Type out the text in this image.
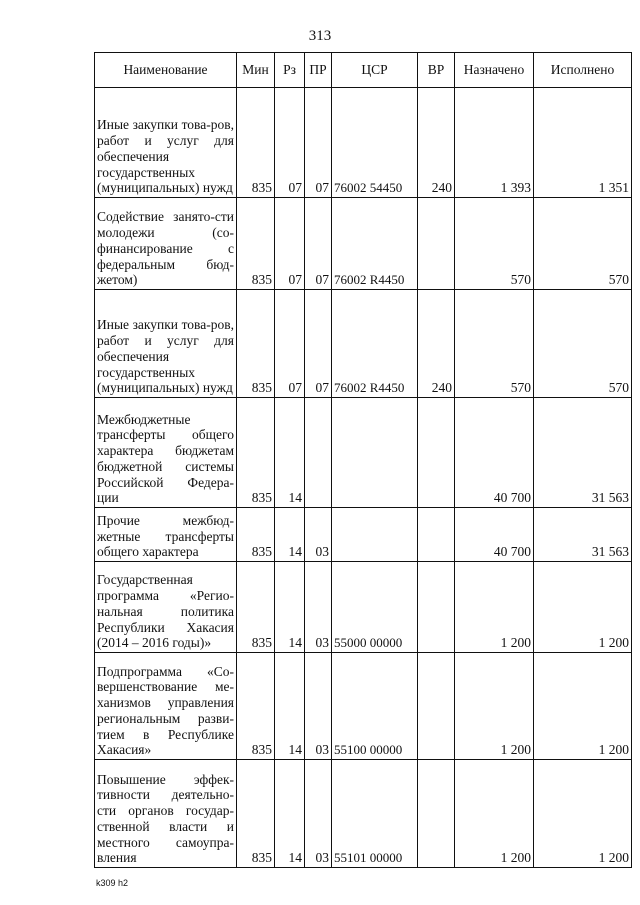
313
Наименование	Мин	Рз	ПР	ЦСР	ВР	Назначено	Исполнено
Иные закупки това-ров, работ и услуг для обеспечения государственных (муниципальных) нужд	835	07	07	76002 54450	240	1 393	1 351
Содействие занято-сти молодежи (со-финансирование с федеральным бюд-жетом)	835	07	07	76002 R4450		570	570
Иные закупки това-ров, работ и услуг для обеспечения государственных (муниципальных) нужд	835	07	07	76002 R4450	240	570	570
Межбюджетные трансферты общего характера бюджетам бюджетной системы Российской Федера-ции	835	14				40 700	31 563
Прочие межбюд-жетные трансферты общего характера	835	14	03			40 700	31 563
Государственная программа «Регио-нальная политика Республики Хакасия (2014 – 2016 годы)»	835	14	03	55000 00000		1 200	1 200
Подпрограмма «Со-вершенствование ме-ханизмов управления региональным разви-тием в Республике Хакасия»	835	14	03	55100 00000		1 200	1 200
Повышение эффек-тивности деятельно-сти органов государ-ственной власти и местного самоупра-вления	835	14	03	55101 00000		1 200	1 200
k309 h2
